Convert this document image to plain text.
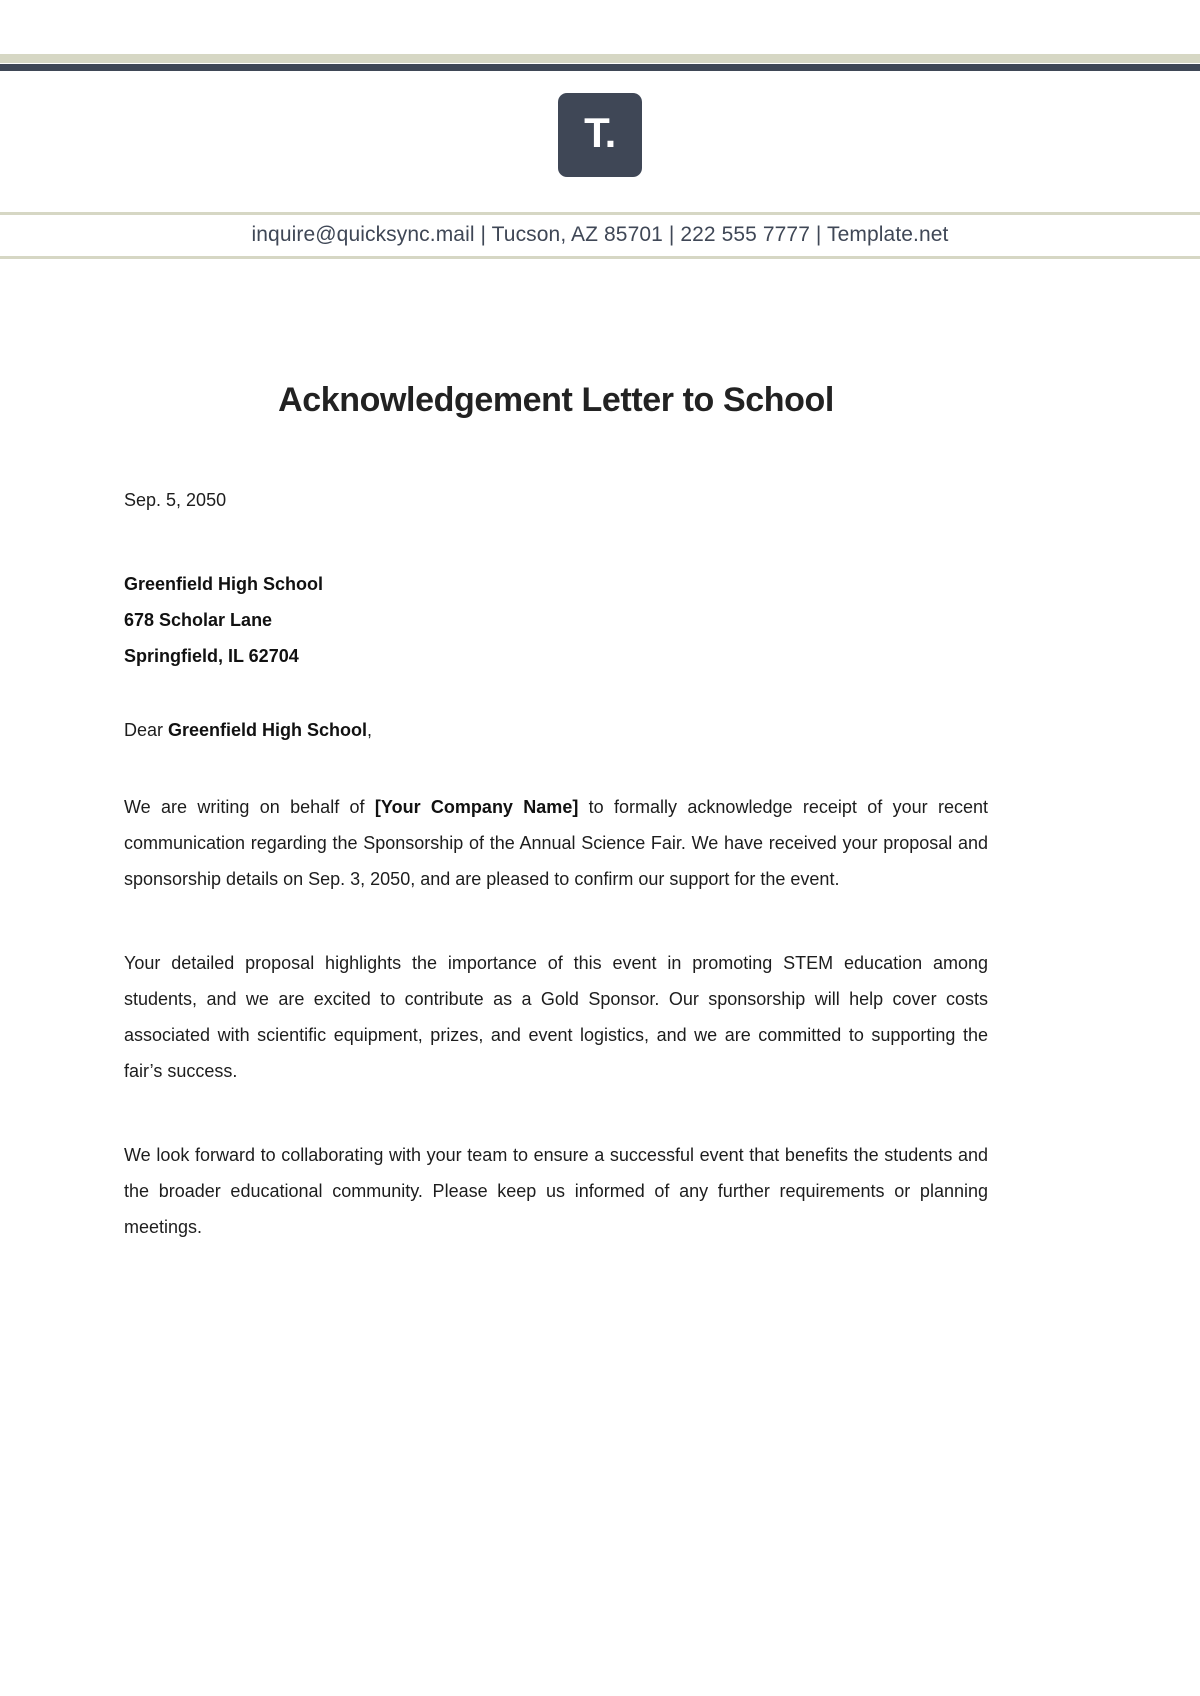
T.
inquire@quicksync.mail | Tucson, AZ 85701 | 222 555 7777 | Template.net
Acknowledgement Letter to School
Sep. 5, 2050
Greenfield High School
678 Scholar Lane
Springfield, IL 62704
Dear Greenfield High School,
We are writing on behalf of [Your Company Name] to formally acknowledge receipt of your recent communication regarding the Sponsorship of the Annual Science Fair. We have received your proposal and sponsorship details on Sep. 3, 2050, and are pleased to confirm our support for the event.
Your detailed proposal highlights the importance of this event in promoting STEM education among students, and we are excited to contribute as a Gold Sponsor. Our sponsorship will help cover costs associated with scientific equipment, prizes, and event logistics, and we are committed to supporting the fair’s success.
We look forward to collaborating with your team to ensure a successful event that benefits the students and the broader educational community. Please keep us informed of any further requirements or planning meetings.
